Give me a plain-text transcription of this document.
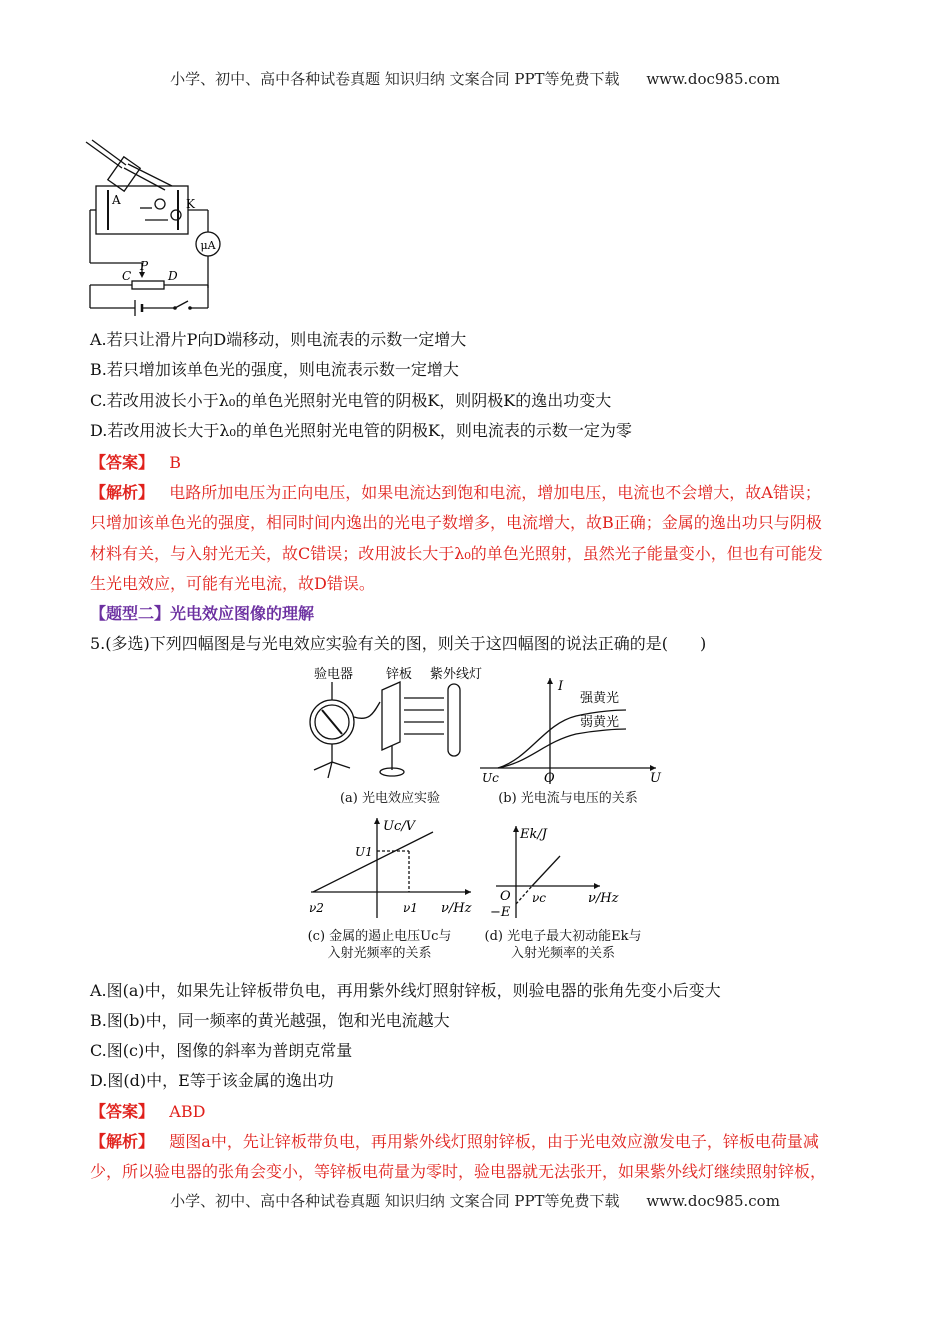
小学、初中、高中各种试卷真题 知识归纳 文案合同 PPT等免费下载 www.doc985.com
A	K
μA
P
C	D
A.若只让滑片P向D端移动，则电流表的示数一定增大
B.若只增加该单色光的强度，则电流表示数一定增大
C.若改用波长小于λ₀的单色光照射光电管的阴极K，则阴极K的逸出功变大
D.若改用波长大于λ₀的单色光照射光电管的阴极K，则电流表的示数一定为零
【答案】 B
【解析】 电路所加电压为正向电压，如果电流达到饱和电流，增加电压，电流也不会增大，故A错误；
只增加该单色光的强度，相同时间内逸出的光电子数增多，电流增大，故B正确；金属的逸出功只与阴极
材料有关，与入射光无关，故C错误；改用波长大于λ₀的单色光照射，虽然光子能量变小，但也有可能发
生光电效应，可能有光电流，故D错误。
【题型二】光电效应图像的理解
5.(多选)下列四幅图是与光电效应实验有关的图，则关于这四幅图的说法正确的是(　　)
验电器	锌板 紫外线灯
(a) 光电效应实验
I
U
O
Uc
强黄光
弱黄光
(b) 光电流与电压的关系
Uc/V
ν/Hz
U1
ν1
ν2
(c) 金属的遏止电压Uc与
入射光频率的关系
Ek/J
ν/Hz
O
−E
νc
(d) 光电子最大初动能Ek与
入射光频率的关系
A.图(a)中，如果先让锌板带负电，再用紫外线灯照射锌板，则验电器的张角先变小后变大
B.图(b)中，同一频率的黄光越强，饱和光电流越大
C.图(c)中，图像的斜率为普朗克常量
D.图(d)中，E等于该金属的逸出功
【答案】 ABD
【解析】 题图a中，先让锌板带负电，再用紫外线灯照射锌板，由于光电效应激发电子，锌板电荷量减
少，所以验电器的张角会变小，等锌板电荷量为零时，验电器就无法张开，如果紫外线灯继续照射锌板，
小学、初中、高中各种试卷真题 知识归纳 文案合同 PPT等免费下载 www.doc985.com
